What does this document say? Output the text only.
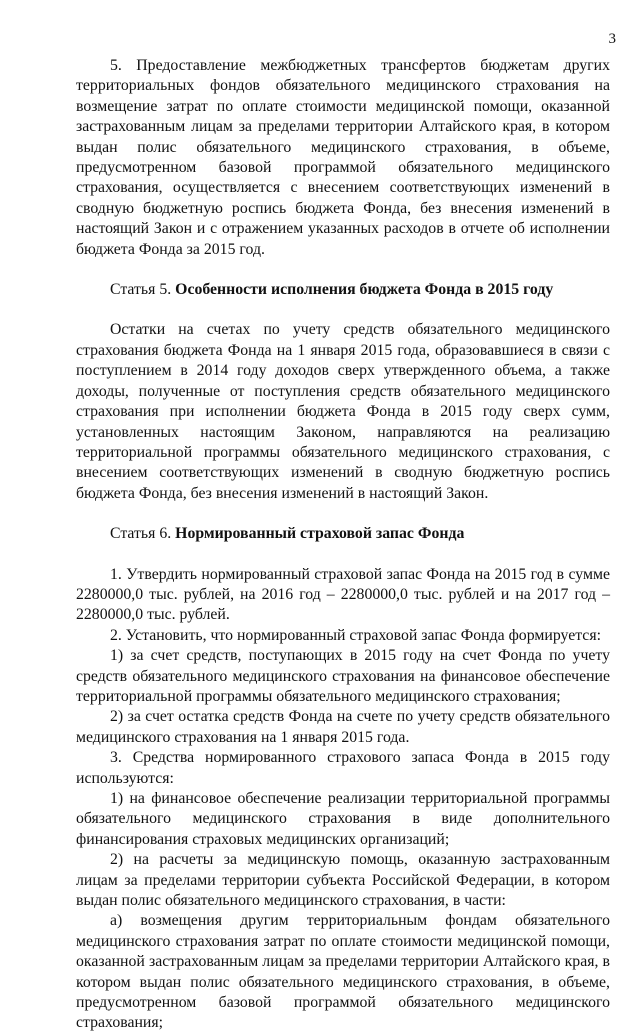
3

5. Предоставление межбюджетных трансфертов бюджетам других территориальных фондов обязательного медицинского страхования на возмещение затрат по оплате стоимости медицинской помощи, оказанной застрахованным лицам за пределами территории Алтайского края, в котором выдан полис обязательного медицинского страхования, в объеме, предусмотренном базовой программой обязательного медицинского страхования, осуществляется с внесением соответствующих изменений в сводную бюджетную роспись бюджета Фонда, без внесения изменений в настоящий Закон и с отражением указанных расходов в отчете об исполнении бюджета Фонда за 2015 год.

Статья 5. Особенности исполнения бюджета Фонда в 2015 году

Остатки на счетах по учету средств обязательного медицинского страхования бюджета Фонда на 1 января 2015 года, образовавшиеся в связи с поступлением в 2014 году доходов сверх утвержденного объема, а также доходы, полученные от поступления средств обязательного медицинского страхования при исполнении бюджета Фонда в 2015 году сверх сумм, установленных настоящим Законом, направляются на реализацию территориальной программы обязательного медицинского страхования, с внесением соответствующих изменений в сводную бюджетную роспись бюджета Фонда, без внесения изменений в настоящий Закон.

Статья 6. Нормированный страховой запас Фонда

1. Утвердить нормированный страховой запас Фонда на 2015 год в сумме 2280000,0 тыс. рублей, на 2016 год – 2280000,0 тыс. рублей и на 2017 год – 2280000,0 тыс. рублей.

2. Установить, что нормированный страховой запас Фонда формируется:

1) за счет средств, поступающих в 2015 году на счет Фонда по учету средств обязательного медицинского страхования на финансовое обеспечение территориальной программы обязательного медицинского страхования;

2) за счет остатка средств Фонда на счете по учету средств обязательного медицинского страхования на 1 января 2015 года.

3. Средства нормированного страхового запаса Фонда в 2015 году используются:

1) на финансовое обеспечение реализации территориальной программы обязательного медицинского страхования в виде дополнительного финансирования страховых медицинских организаций;

2) на расчеты за медицинскую помощь, оказанную застрахованным лицам за пределами территории субъекта Российской Федерации, в котором выдан полис обязательного медицинского страхования, в части:

а) возмещения другим территориальным фондам обязательного медицинского страхования затрат по оплате стоимости медицинской помощи, оказанной застрахованным лицам за пределами территории Алтайского края, в котором выдан полис обязательного медицинского страхования, в объеме, предусмотренном базовой программой обязательного медицинского страхования;
